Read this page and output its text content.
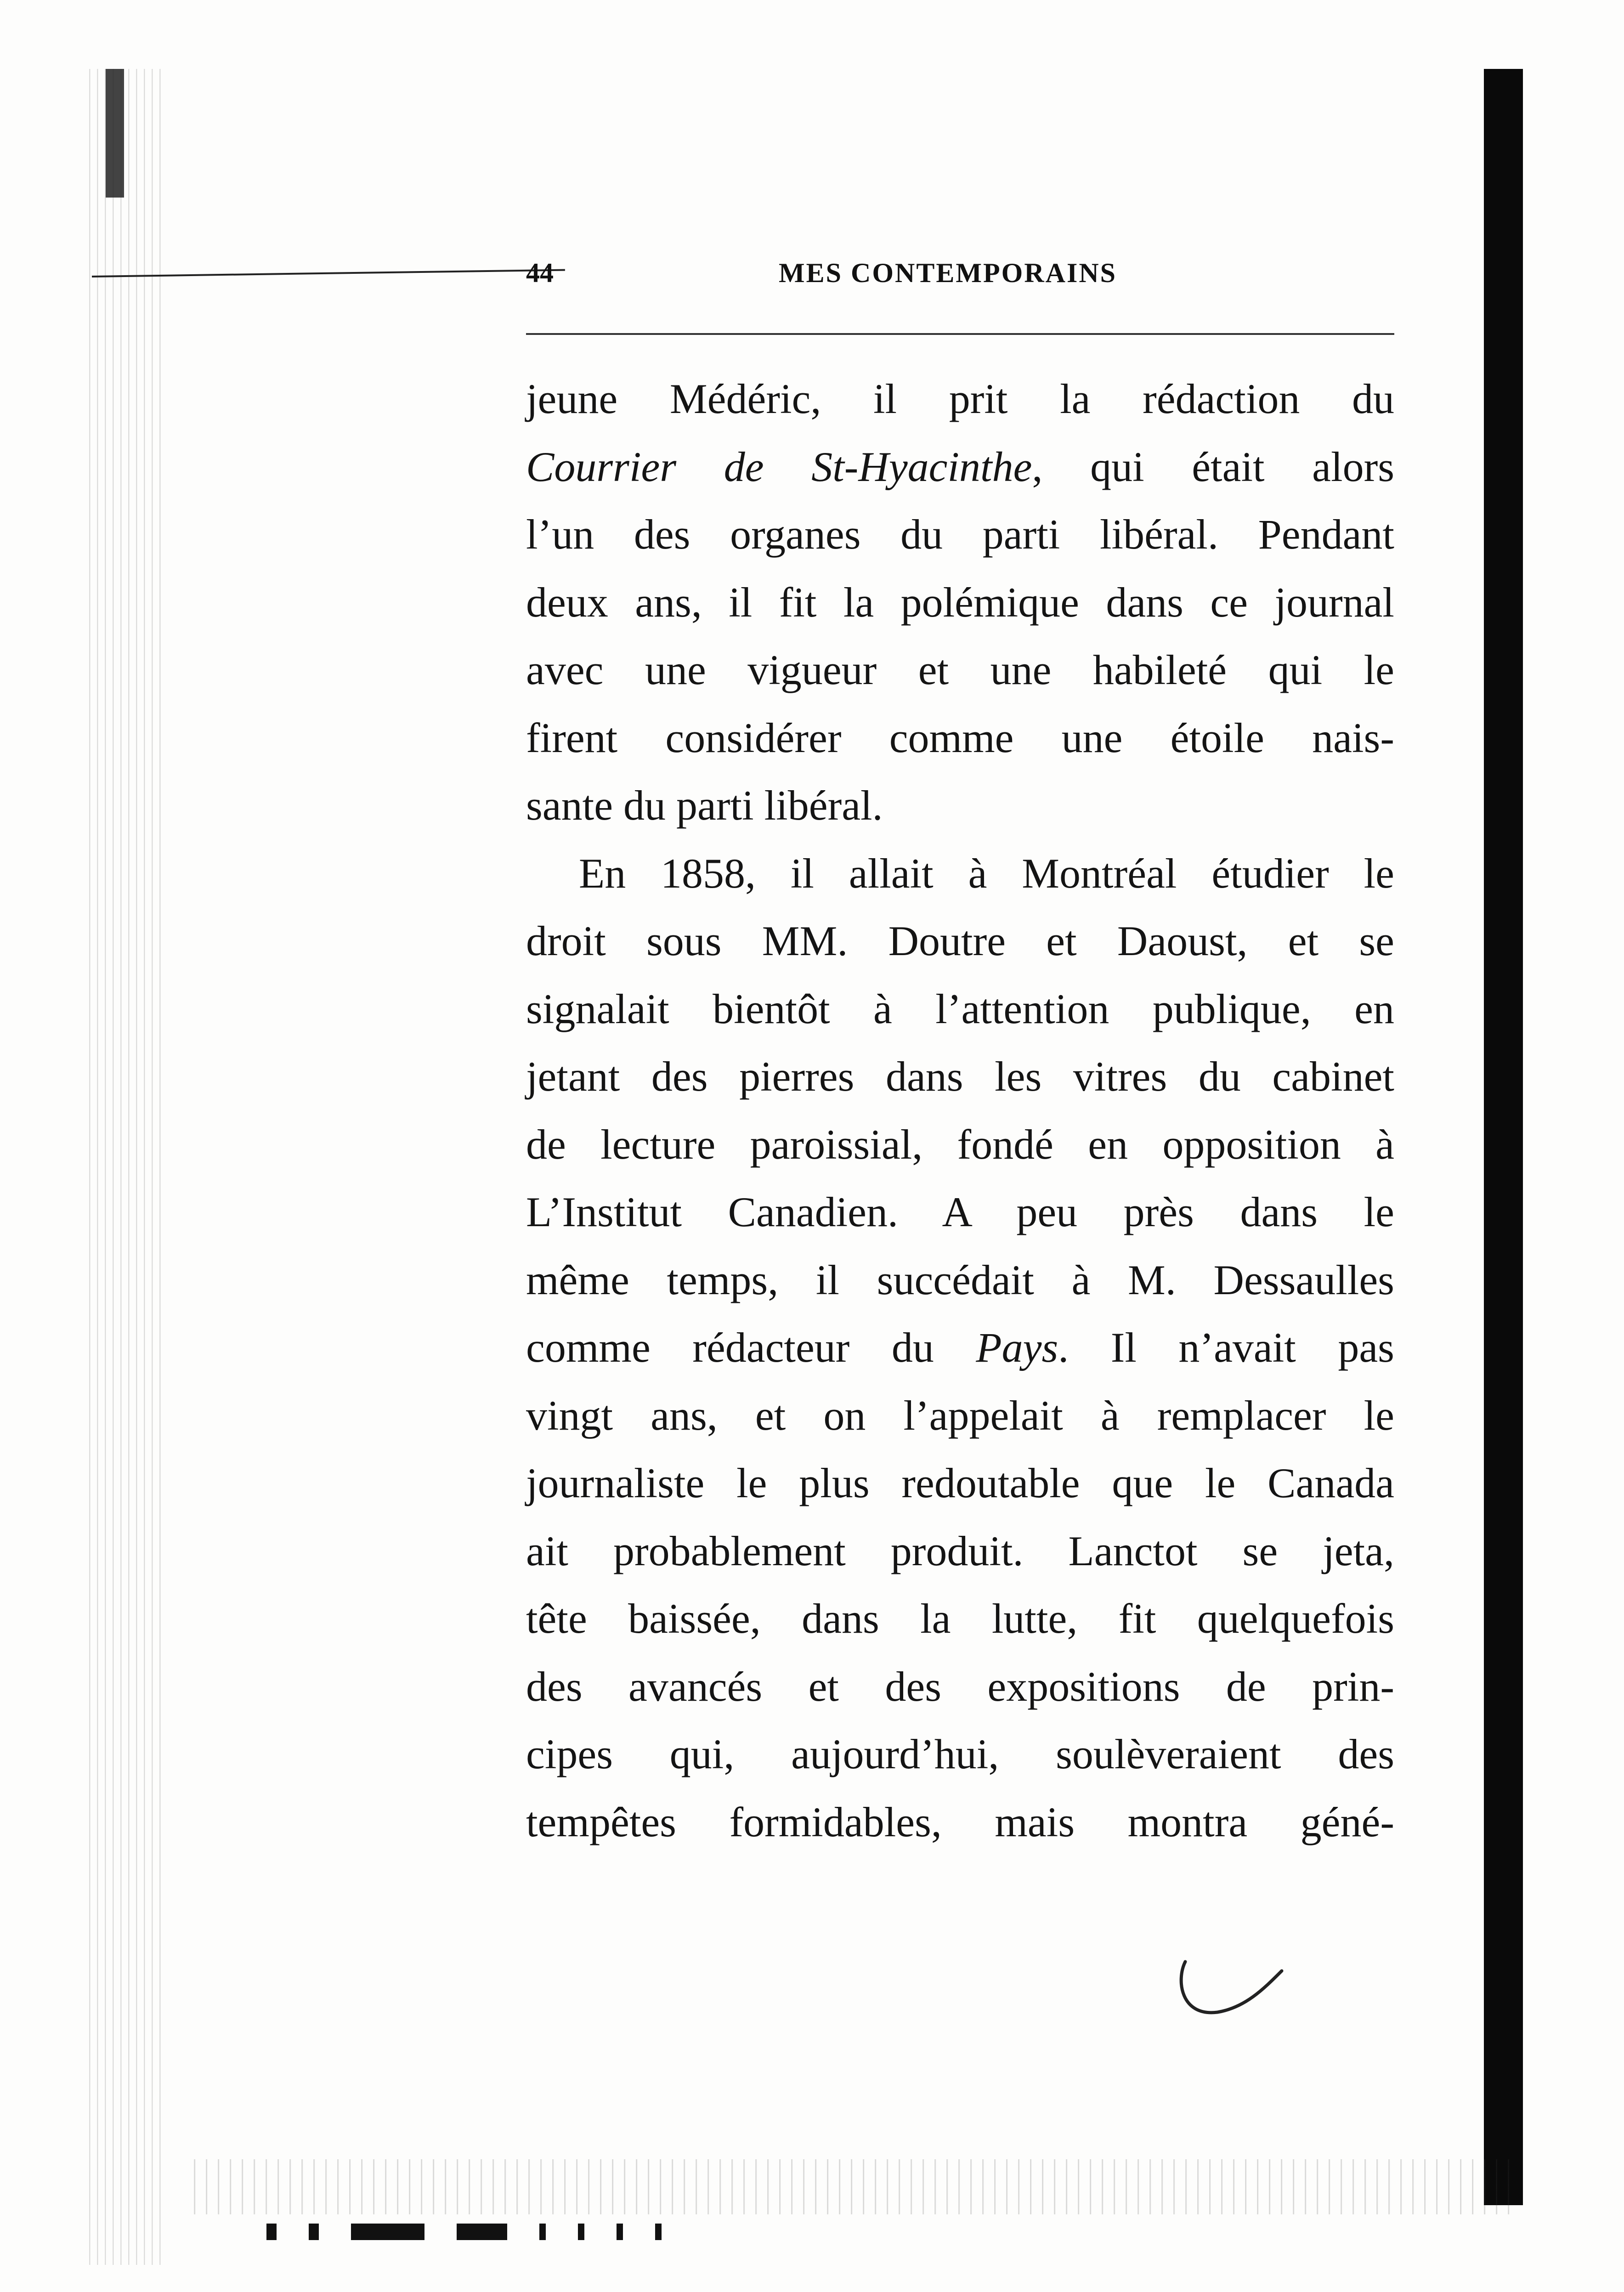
44	MES CONTEMPORAINS
jeune Médéric, il prit la rédaction du
Courrier de St-Hyacinthe, qui était alors
l’un des organes du parti libéral. Pendant
deux ans, il fit la polémique dans ce journal
avec une vigueur et une habileté qui le
firent considérer comme une étoile nais-
sante du parti libéral.
En 1858, il allait à Montréal étudier le
droit sous MM. Doutre et Daoust, et se
signalait bientôt à l’attention publique, en
jetant des pierres dans les vitres du cabinet
de lecture paroissial, fondé en opposition à
L’Institut Canadien. A peu près dans le
même temps, il succédait à M. Dessaulles
comme rédacteur du Pays. Il n’avait pas
vingt ans, et on l’appelait à remplacer le
journaliste le plus redoutable que le Canada
ait probablement produit. Lanctot se jeta,
tête baissée, dans la lutte, fit quelquefois
des avancés et des expositions de prin-
cipes qui, aujourd’hui, soulèveraient des
tempêtes formidables, mais montra géné-
